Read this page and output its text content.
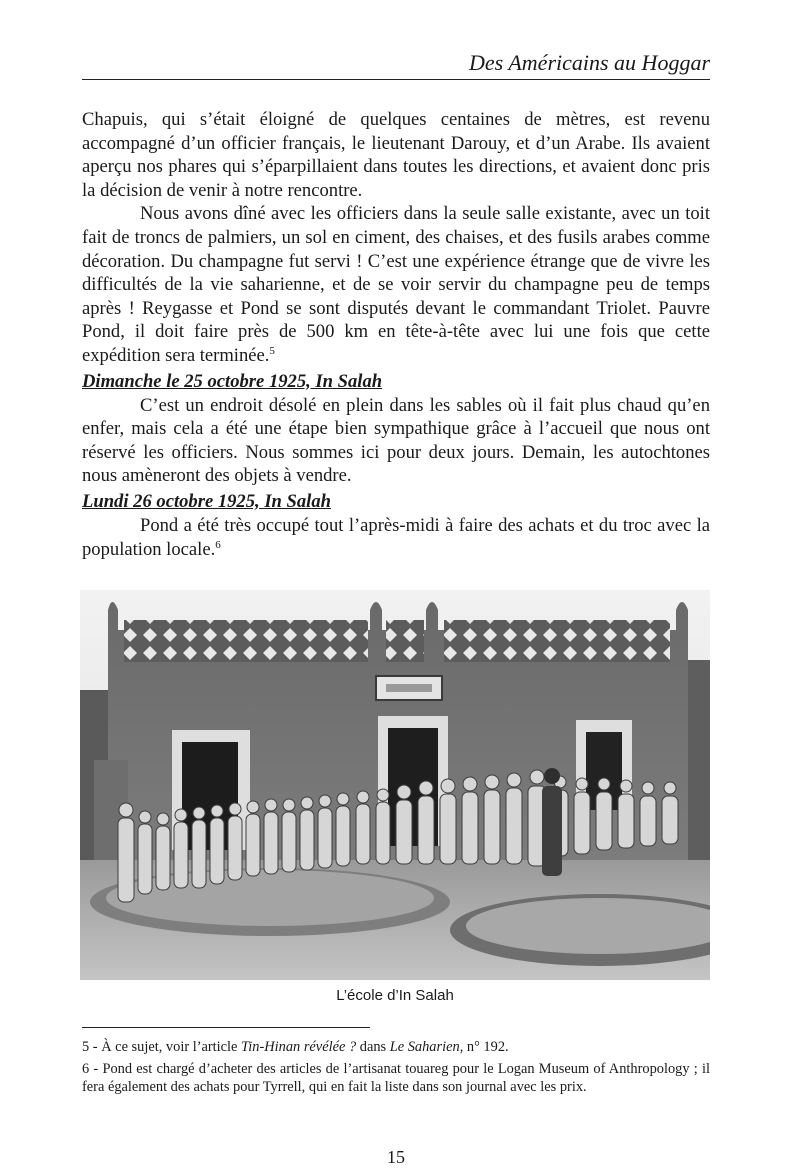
Des Américains au Hoggar

Chapuis, qui s’était éloigné de quelques centaines de mètres, est revenu accompagné d’un officier français, le lieutenant Darouy, et d’un Arabe. Ils avaient aperçu nos phares qui s’éparpillaient dans toutes les directions, et avaient donc pris la décision de venir à notre rencontre.

Nous avons dîné avec les officiers dans la seule salle existante, avec un toit fait de troncs de palmiers, un sol en ciment, des chaises, et des fusils arabes comme décoration. Du champagne fut servi ! C’est une expérience étrange que de vivre les difficultés de la vie saharienne, et de se voir servir du champagne peu de temps après ! Reygasse et Pond se sont disputés devant le commandant Triolet. Pauvre Pond, il doit faire près de 500 km en tête-à-tête avec lui une fois que cette expédition sera terminée.$^5$

Dimanche le 25 octobre 1925, In Salah

C’est un endroit désolé en plein dans les sables où il fait plus chaud qu’en enfer, mais cela a été une étape bien sympathique grâce à l’accueil que nous ont réservé les officiers. Nous sommes ici pour deux jours. Demain, les autochtones nous amèneront des objets à vendre.

Lundi 26 octobre 1925, In Salah

Pond a été très occupé tout l’après-midi à faire des achats et du troc avec la population locale.$^6$

L’école d’In Salah

5 - À ce sujet, voir l’article Tin-Hinan révélée ? dans Le Saharien, n° 192.

6 - Pond est chargé d’acheter des articles de l’artisanat touareg pour le Logan Museum of Anthropology ; il fera également des achats pour Tyrrell, qui en fait la liste dans son journal avec les prix.

15
